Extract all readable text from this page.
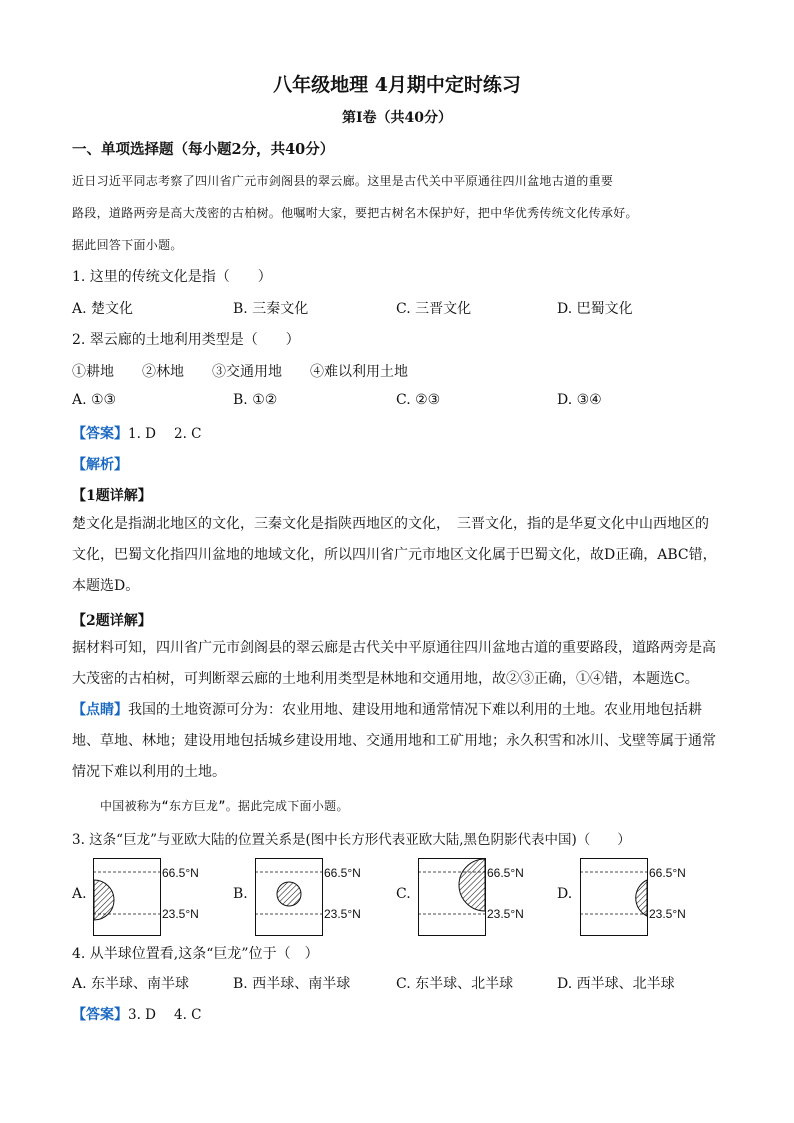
八年级地理 4月期中定时练习
第Ⅰ卷（共40分）
一、单项选择题（每小题2分，共40分）
近日习近平同志考察了四川省广元市剑阁县的翠云廊。这里是古代关中平原通往四川盆地古道的重要
路段，道路两旁是高大茂密的古柏树。他嘱咐大家，要把古树名木保护好，把中华优秀传统文化传承好。
据此回答下面小题。
1. 这里的传统文化是指（　　）
A. 楚文化	B. 三秦文化	C. 三晋文化	D. 巴蜀文化
2. 翠云廊的土地利用类型是（　　）
①耕地 ②林地 ③交通用地 ④难以利用土地
A. ①③	B. ①②	C. ②③	D. ③④
【答案】1. D 2. C
【解析】
【1题详解】
楚文化是指湖北地区的文化，三秦文化是指陕西地区的文化，　三晋文化，指的是华夏文化中山西地区的文化，巴蜀文化指四川盆地的地域文化，所以四川省广元市地区文化属于巴蜀文化，故D正确，ABC错，本题选D。
【2题详解】
据材料可知，四川省广元市剑阁县的翠云廊是古代关中平原通往四川盆地古道的重要路段，道路两旁是高大茂密的古柏树，可判断翠云廊的土地利用类型是林地和交通用地，故②③正确，①④错，本题选C。
【点睛】我国的土地资源可分为：农业用地、建设用地和通常情况下难以利用的土地。农业用地包括耕地、草地、林地；建设用地包括城乡建设用地、交通用地和工矿用地；永久积雪和冰川、戈壁等属于通常情况下难以利用的土地。
中国被称为“东方巨龙”。据此完成下面小题。
3. 这条“巨龙”与亚欧大陆的位置关系是(图中长方形代表亚欧大陆,黑色阴影代表中国)（　　）
A.
66.5°N
23.5°N
B.
66.5°N
23.5°N
C.
66.5°N
23.5°N
D.
66.5°N
23.5°N
4. 从半球位置看,这条“巨龙”位于（　）
A. 东半球、南半球	B. 西半球、南半球	C. 东半球、北半球	D. 西半球、北半球
【答案】3. D 4. C
